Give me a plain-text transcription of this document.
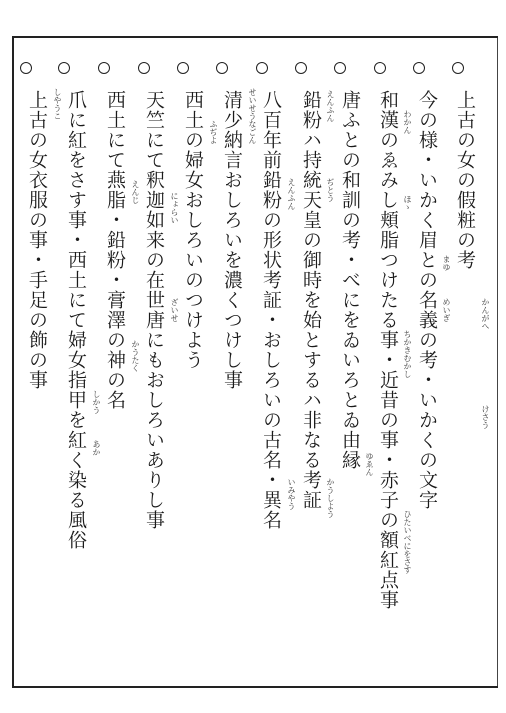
上古の女の假粧の考
今の様・いかく眉との名義の考・いかくの文字
和漢のゑみし頬脂つけたる事・近昔の事・赤子の額紅点事
唐ふとの和訓の考・べにをゐいろとゐ由縁
鉛粉ハ持統天皇の御時を始とするハ非なる考証
八百年前鉛粉の形状考証・おしろいの古名・異名
清少納言おしろいを濃くつけし事
西土の婦女おしろいのつけよう
天竺にて釈迦如来の在世唐にもおしろいありし事
西土にて燕脂・鉛粉・膏澤の神の名
爪に紅をさす事・西土にて婦女指甲を紅く染る風俗
上古の女衣服の事・手足の飾の事
けさう
かんがへ
まゆ
めいぎ
わかん
ほゝ
ちかきむかし
ひたいべにをさす
ゆゑん
えんふん
ぢとう
かうしよう
えんふん
いみやう
せいせうなごん
ふぢよ
にょらい
ざいせ
えんじ
かうたく
しかう
あか
しやうこ
